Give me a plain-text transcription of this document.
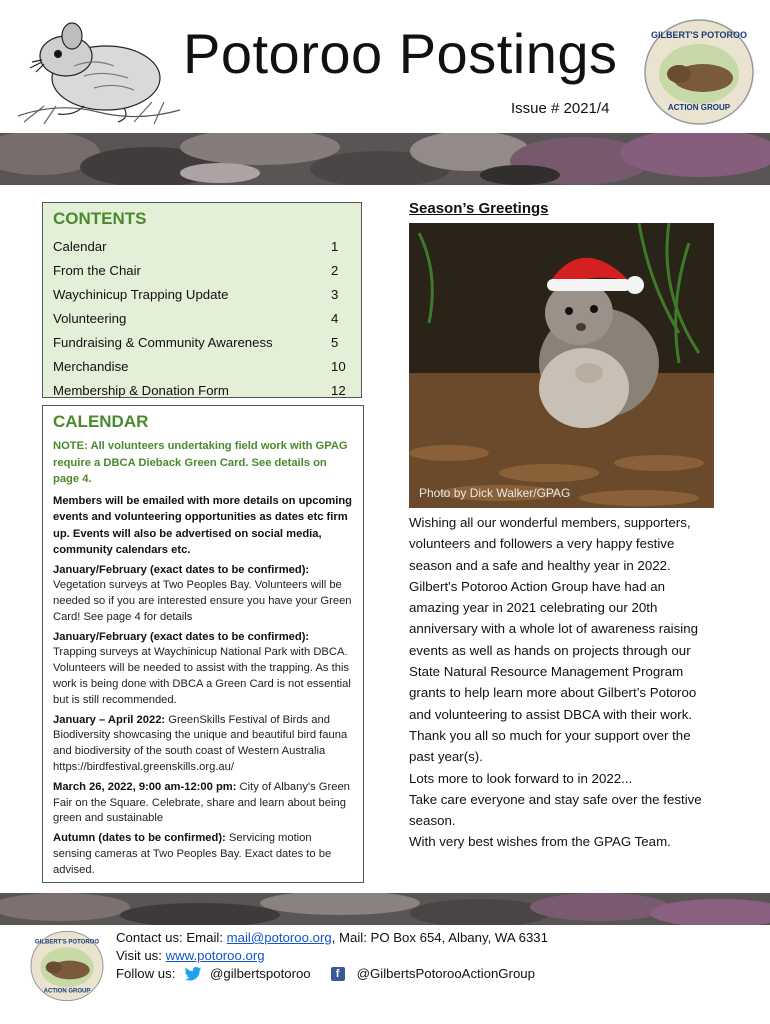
Potoroo Postings
Issue # 2021/4
GILBERT'S POTOROO
ACTION GROUP
CONTENTS
Calendar	1
From the Chair	2
Waychinicup Trapping Update	3
Volunteering	4
Fundraising & Community Awareness	5
Merchandise	10
Membership & Donation Form	12
CALENDAR

NOTE: All volunteers undertaking field work with GPAG require a DBCA Dieback Green Card. See details on page 4.

Members will be emailed with more details on upcoming events and volunteering opportunities as dates etc firm up. Events will also be advertised on social media, community calendars etc.

January/February (exact dates to be confirmed): Vegetation surveys at Two Peoples Bay. Volunteers will be needed so if you are interested ensure you have your Green Card! See page 4 for details

January/February (exact dates to be confirmed): Trapping surveys at Waychinicup National Park with DBCA. Volunteers will be needed to assist with the trapping. As this work is being done with DBCA a Green Card is not essential but is still recommended.

January – April 2022: GreenSkills Festival of Birds and Biodiversity showcasing the unique and beautiful bird fauna and biodiversity of the south coast of Western Australia https://birdfestival.greenskills.org.au/

March 26, 2022, 9:00 am-12:00 pm: City of Albany's Green Fair on the Square. Celebrate, share and learn about being green and sustainable

Autumn (dates to be confirmed): Servicing motion sensing cameras at Two Peoples Bay. Exact dates to be advised.

Season’s Greetings
Photo by Dick Walker/GPAG

Wishing all our wonderful members, supporters, volunteers and followers a very happy festive season and a safe and healthy year in 2022. Gilbert's Potoroo Action Group have had an amazing year in 2021 celebrating our 20th anniversary with a whole lot of awareness raising events as well as hands on projects through our State Natural Resource Management Program grants to help learn more about Gilbert’s Potoroo and volunteering to assist DBCA with their work. Thank you all so much for your support over the past year(s).

Lots more to look forward to in 2022...

Take care everyone and stay safe over the festive season.

With very best wishes from the GPAG Team.

GILBERT'S POTOROO
ACTION GROUP
Contact us: Email: mail@potoroo.org, Mail: PO Box 654, Albany, WA 6331
Visit us: www.potoroo.org
Follow us:	@gilbertspotoroo	f	@GilbertsPotorooActionGroup
